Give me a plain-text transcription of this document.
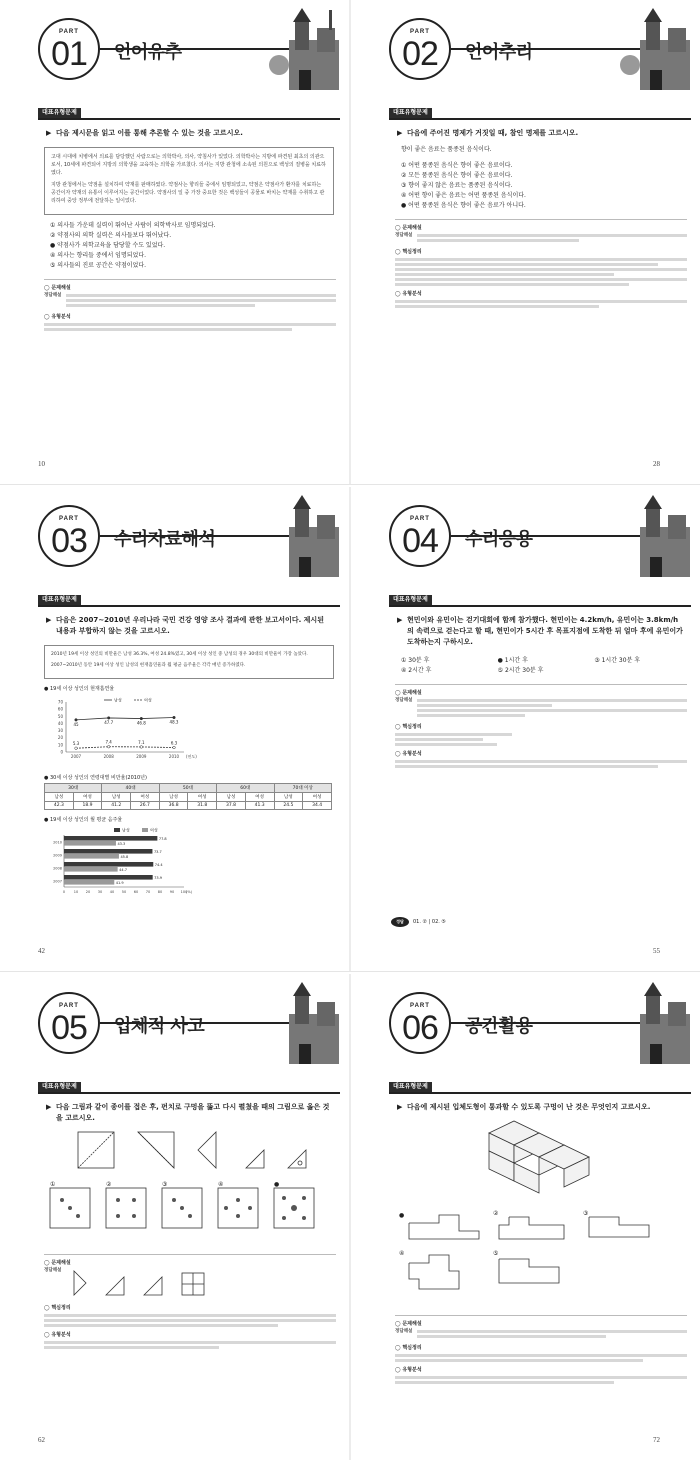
PART
01	언어유추
대표유형문제
▶ 다음 제시문을 읽고 이를 통해 추론할 수 있는 것을 고르시오.

고대 시대에 치병에서 의료를 담당했던 사람으로는 의학박사, 의사, 약침사가 있었다. 의학박사는 지방에 파견된 최초의 의관으로서, 10세에 파견되어 지방의 의학생을 교육하는 의학을 가르쳤다. 의사는 지방 관청에 소속된 의원으로 백성의 질병을 치료하였다.

지방 관청에서는 약점을 설치하여 약재를 판매하였다. 약점사는 향리들 중에서 임명되었고, 약점은 약점사가 환자를 치료하는 공간이자 약재의 유통이 이루어지는 공간이었다. 약점사의 일 중 가장 중요한 것은 백성들이 공물로 바치는 약재를 수취하고 관리하여 중앙 정부에 전달하는 일이었다.

① 의사들 가운데 실력이 뛰어난 사람이 의학박사로 임명되었다.
② 약점사의 의학 실력은 의사들보다 뛰어났다.
● 약점사가 의학교육을 담당할 수도 있었다.
④ 의사는 향리들 중에서 임명되었다.
⑤ 의사들의 진료 공간은 약점이었다.
◯ 문제해설
정답해설
◯ 유형분석
10
PART
02	언어추리
대표유형문제
▶ 다음에 주어진 명제가 거짓일 때, 참인 명제를 고르시오.
향이 좋은 음료는 품종된 음식이다.
① 어떤 품종된 음식은 향이 좋은 음료이다.
② 모든 품종된 음식은 향이 좋은 음료이다.
③ 향이 좋지 않은 음료는 품종된 음식이다.
④ 어떤 향이 좋은 음료는 어떤 품종된 음식이다.
● 어떤 품종된 음식은 향이 좋은 음료가 아니다.
◯ 문제해설
정답해설
◯ 핵심정리
◯ 유형분석
28
PART
03	수리자료해석
대표유형문제
▶ 다음은 2007~2010년 우리나라 국민 건강 영양 조사 결과에 관한 보고서이다. 제시된 내용과 부합하지 않는 것을 고르시오.

2010년 19세 이상 성인의 비만율은 남성 36.3%, 여성 24.8%였고, 30세 이상 성인 중 남성의 경우 30대의 비만율이 가장 높았다.

2007~2010년 동안 19세 이상 성인 남성의 현재흡연율과 월 평균 음주율은 각각 매년 증가하였다.

● 19세 이상 성인의 현재흡연율
0
10
20
30
40
50
60
70
2007	2008	2009	2010 (연도)
45	47.7	46.8	48.3
5.3	7.4	7.1	6.3
남성	여성
● 30세 이상 성인의 연령대별 비만율(2010년)
30대		40대		50대		60대		70대 이상	
남성	여성	남성	여성	남성	여성	남성	여성	남성	여성
42.3	18.9	41.2	26.7	36.8	31.8	37.8	41.3	24.5	34.4
● 19세 이상 성인의 월 평균 음주율
0 10 20 30 40 50 60 70 80 90 100
(%)
2010
77.8
43.3
2009
73.7
45.8
2008
74.4
44.7
2007
73.9
41.9
남성	여성
42
PART
04	수리응용
대표유형문제
▶ 현민이와 유민이는 걷기대회에 함께 참가했다. 현민이는 4.2km/h, 유민이는 3.8km/h의 속력으로 걷는다고 할 때, 현민이가 5시간 후 목표지점에 도착한 뒤 얼마 후에 유민이가 도착하는지 구하시오.
① 30분 후	● 1시간 후	③ 1시간 30분 후
④ 2시간 후	⑤ 2시간 30분 후
◯ 문제해설
정답해설
◯ 핵심정리
◯ 유형분석
정답	01. ② | 02. ⑤
55
PART
05	입체적 사고
대표유형문제
▶ 다음 그림과 같이 종이를 접은 후, 펀치로 구멍을 뚫고 다시 펼쳤을 때의 그림으로 옳은 것을 고르시오.
①	②	③	④	●
◯ 문제해설
정답해설
◯ 핵심정리
◯ 유형분석
62
PART
06	공간활용
대표유형문제
▶ 다음에 제시된 입체도형이 통과할 수 있도록 구멍이 난 것은 무엇인지 고르시오.
●	②	③
④	⑤
◯ 문제해설
정답해설
◯ 핵심정리
◯ 유형분석
72
